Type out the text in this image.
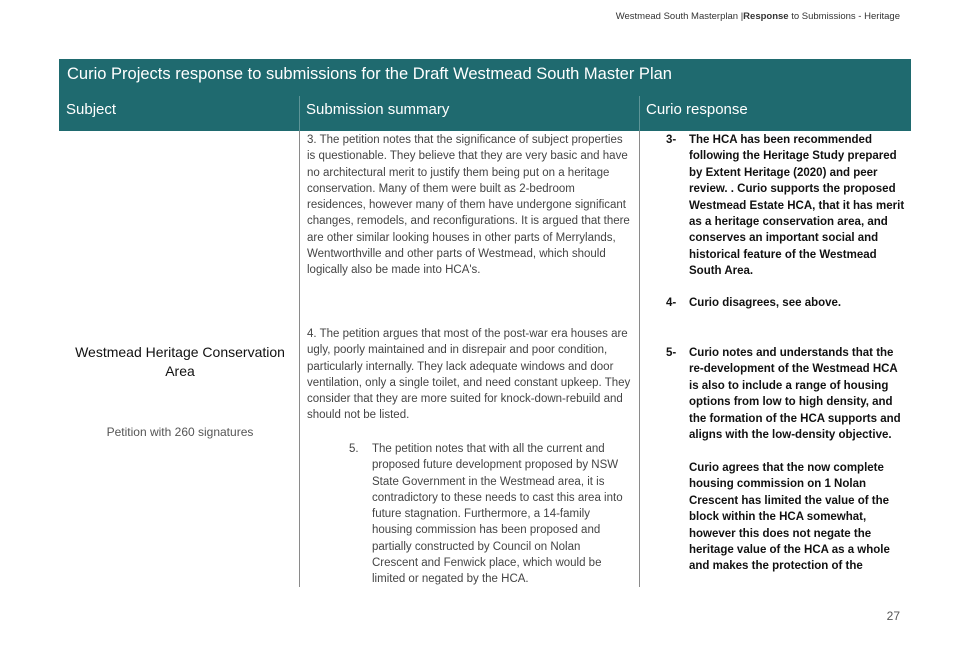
Westmead South Masterplan |Response to Submissions - Heritage
Curio Projects response to submissions for the Draft Westmead South Master Plan
Subject	Submission summary	Curio response
Westmead Heritage Conservation Area
Petition with 260 signatures
3. The petition notes that the significance of subject properties is questionable. They believe that they are very basic and have no architectural merit to justify them being put on a heritage conservation. Many of them were built as 2-bedroom residences, however many of them have undergone significant changes, remodels, and reconfigurations. It is argued that there are other similar looking houses in other parts of Merrylands, Wentworthville and other parts of Westmead, which should logically also be made into HCA's.
4. The petition argues that most of the post-war era houses are ugly, poorly maintained and in disrepair and poor condition, particularly internally. They lack adequate windows and door ventilation, only a single toilet, and need constant upkeep. They consider that they are more suited for knock-down-rebuild and should not be listed.
5. The petition notes that with all the current and proposed future development proposed by NSW State Government in the Westmead area, it is contradictory to these needs to cast this area into future stagnation. Furthermore, a 14-family housing commission has been proposed and partially constructed by Council on Nolan Crescent and Fenwick place, which would be limited or negated by the HCA.
3- The HCA has been recommended following the Heritage Study prepared by Extent Heritage (2020) and peer review. . Curio supports the proposed Westmead Estate HCA, that it has merit as a heritage conservation area, and conserves an important social and historical feature of the Westmead South Area.
4- Curio disagrees, see above.
5- Curio notes and understands that the re-development of the Westmead HCA is also to include a range of housing options from low to high density, and the formation of the HCA supports and aligns with the low-density objective.
Curio agrees that the now complete housing commission on 1 Nolan Crescent has limited the value of the block within the HCA somewhat, however this does not negate the heritage value of the HCA as a whole and makes the protection of the
27
